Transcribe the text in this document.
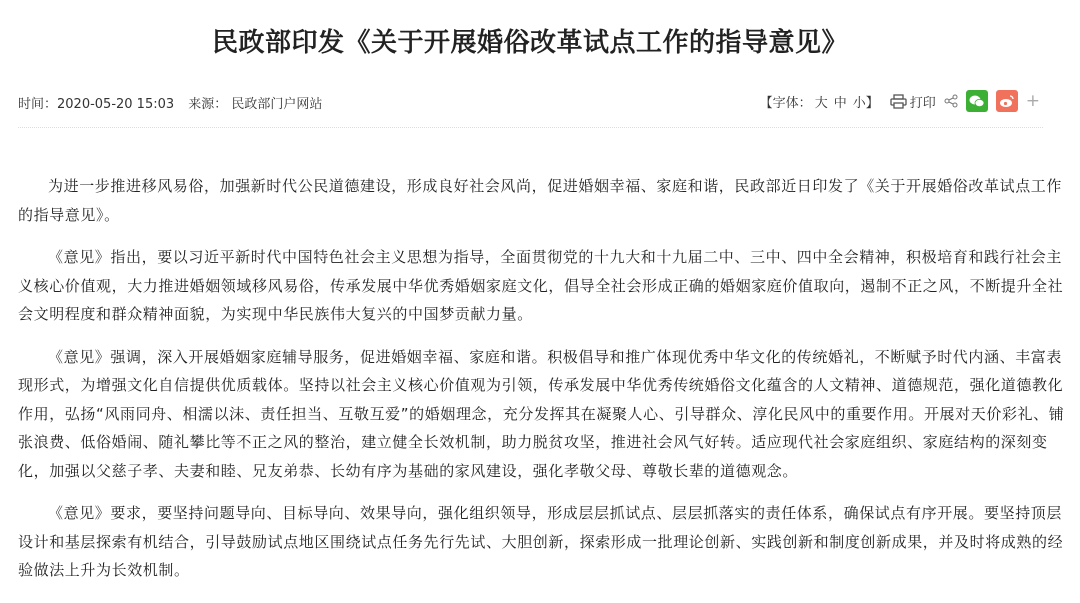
民政部印发《关于开展婚俗改革试点工作的指导意见》
时间：2020-05-20 15:03 来源： 民政部门户网站	【字体： 大 中 小】 打印	+
为进一步推进移风易俗，加强新时代公民道德建设，形成良好社会风尚，促进婚姻幸福、家庭和谐，民政部近日印发了《关于开展婚俗改革试点工作
的指导意见》。
《意见》指出，要以习近平新时代中国特色社会主义思想为指导，全面贯彻党的十九大和十九届二中、三中、四中全会精神，积极培育和践行社会主
义核心价值观，大力推进婚姻领域移风易俗，传承发展中华优秀婚姻家庭文化，倡导全社会形成正确的婚姻家庭价值取向，遏制不正之风，不断提升全社
会文明程度和群众精神面貌，为实现中华民族伟大复兴的中国梦贡献力量。
《意见》强调，深入开展婚姻家庭辅导服务，促进婚姻幸福、家庭和谐。积极倡导和推广体现优秀中华文化的传统婚礼，不断赋予时代内涵、丰富表
现形式，为增强文化自信提供优质载体。坚持以社会主义核心价值观为引领，传承发展中华优秀传统婚俗文化蕴含的人文精神、道德规范，强化道德教化
作用，弘扬“风雨同舟、相濡以沫、责任担当、互敬互爱”的婚姻理念，充分发挥其在凝聚人心、引导群众、淳化民风中的重要作用。开展对天价彩礼、铺
张浪费、低俗婚闹、随礼攀比等不正之风的整治，建立健全长效机制，助力脱贫攻坚，推进社会风气好转。适应现代社会家庭组织、家庭结构的深刻变
化，加强以父慈子孝、夫妻和睦、兄友弟恭、长幼有序为基础的家风建设，强化孝敬父母、尊敬长辈的道德观念。
《意见》要求，要坚持问题导向、目标导向、效果导向，强化组织领导，形成层层抓试点、层层抓落实的责任体系，确保试点有序开展。要坚持顶层
设计和基层探索有机结合，引导鼓励试点地区围绕试点任务先行先试、大胆创新，探索形成一批理论创新、实践创新和制度创新成果，并及时将成熟的经
验做法上升为长效机制。
